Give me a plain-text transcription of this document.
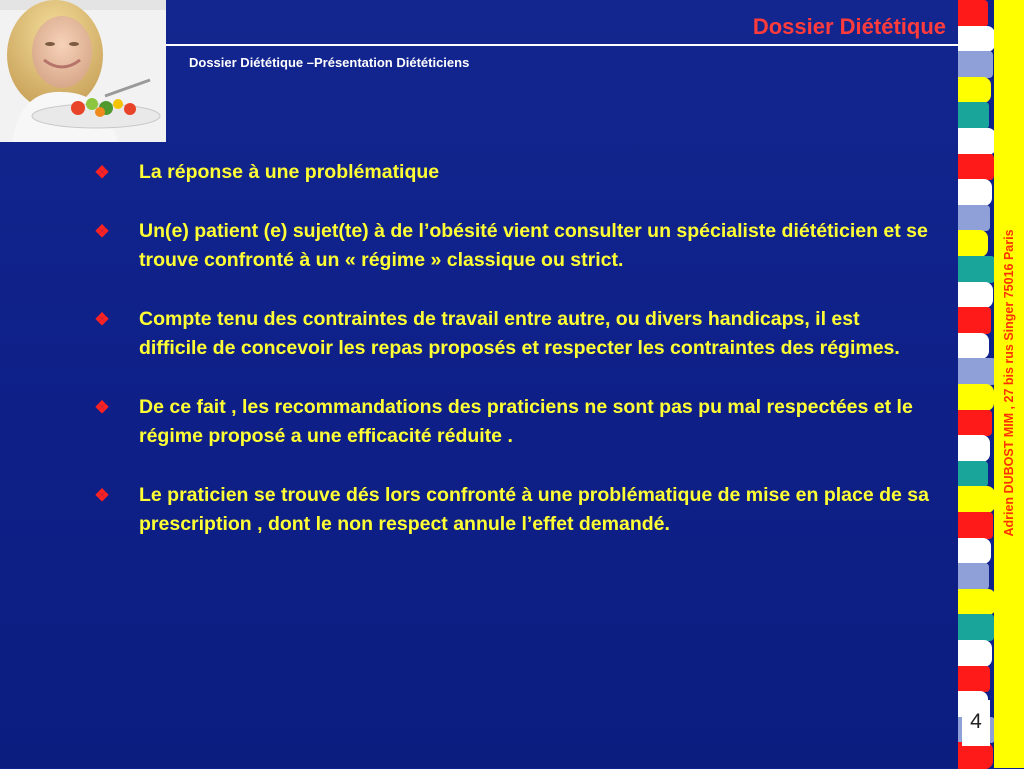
Dossier Diététique
Dossier Diététique –Présentation Diététiciens
❖ La réponse à une problématique
❖ Un(e) patient (e) sujet(te) à de l’obésité vient consulter un spécialiste diététicien et se trouve confronté à un « régime » classique ou strict.
❖ Compte tenu des contraintes de travail entre autre, ou divers handicaps, il est difficile de concevoir les repas proposés et respecter les contraintes des régimes.
❖ De ce fait , les recommandations des praticiens ne sont pas pu mal respectées et le régime proposé a une efficacité réduite .
❖ Le praticien se trouve dés lors confronté à une problématique de mise en place de sa prescription , dont le non respect annule l’effet demandé.	Adrien DUBOST MIM , 27 bis rus Singer 75016 Paris
4
